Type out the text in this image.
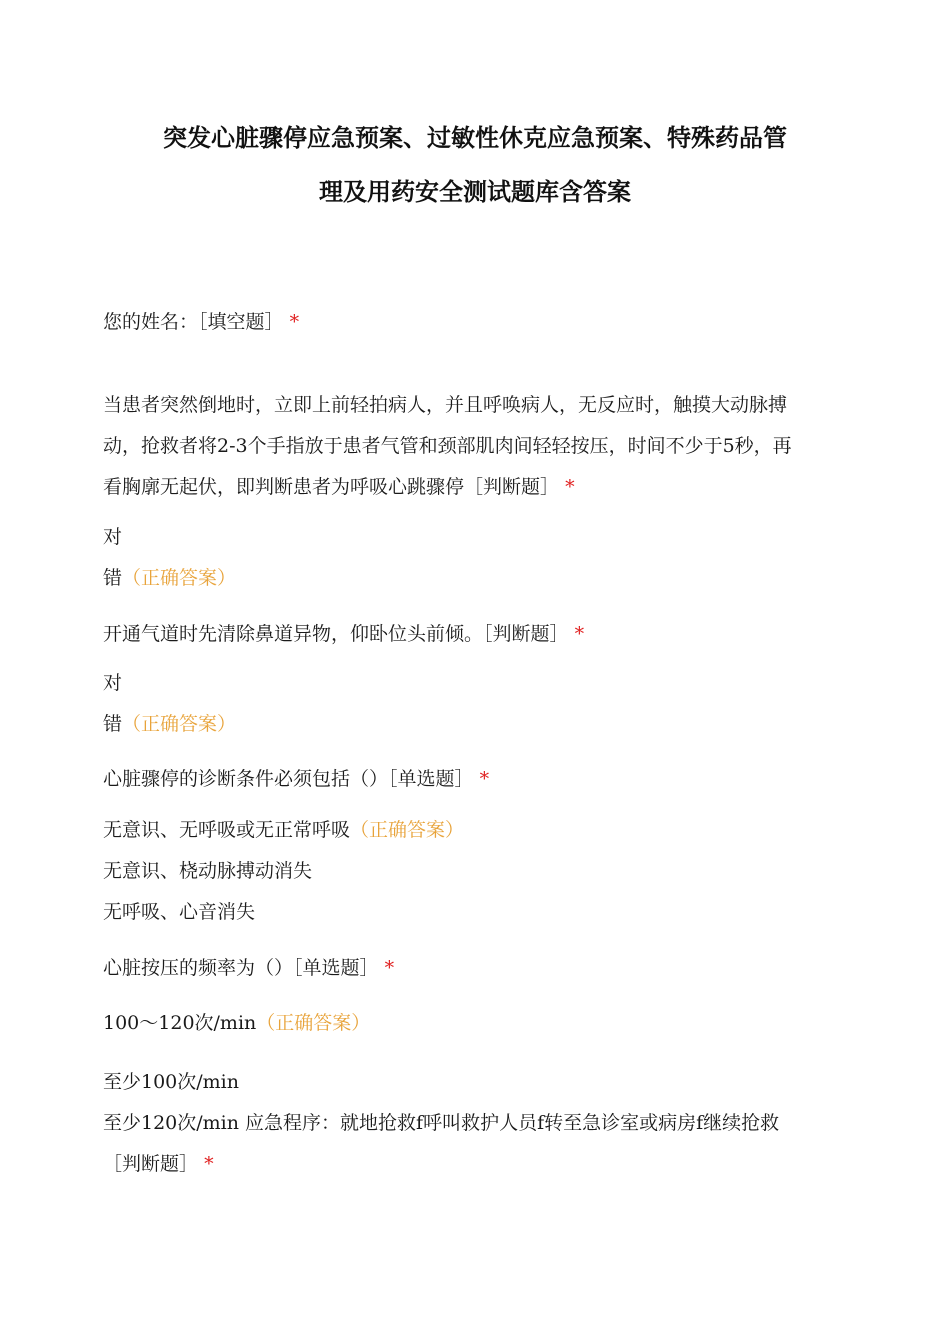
突发心脏骤停应急预案、过敏性休克应急预案、特殊药品管
理及用药安全测试题库含答案
您的姓名：［填空题］ *
当患者突然倒地时，立即上前轻拍病人，并且呼唤病人，无反应时，触摸大动脉搏
动，抢救者将2-3个手指放于患者气管和颈部肌肉间轻轻按压，时间不少于5秒，再
看胸廓无起伏，即判断患者为呼吸心跳骤停［判断题］ *
对
错（正确答案）
开通气道时先清除鼻道异物，仰卧位头前倾。［判断题］ *
对
错（正确答案）
心脏骤停的诊断条件必须包括（）［单选题］ *
无意识、无呼吸或无正常呼吸（正确答案）
无意识、桡动脉搏动消失
无呼吸、心音消失
心脏按压的频率为（）［单选题］ *
100〜120次/min（正确答案）
至少100次/min
至少120次/min 应急程序：就地抢救f呼叫救护人员f转至急诊室或病房f继续抢救
［判断题］ *
